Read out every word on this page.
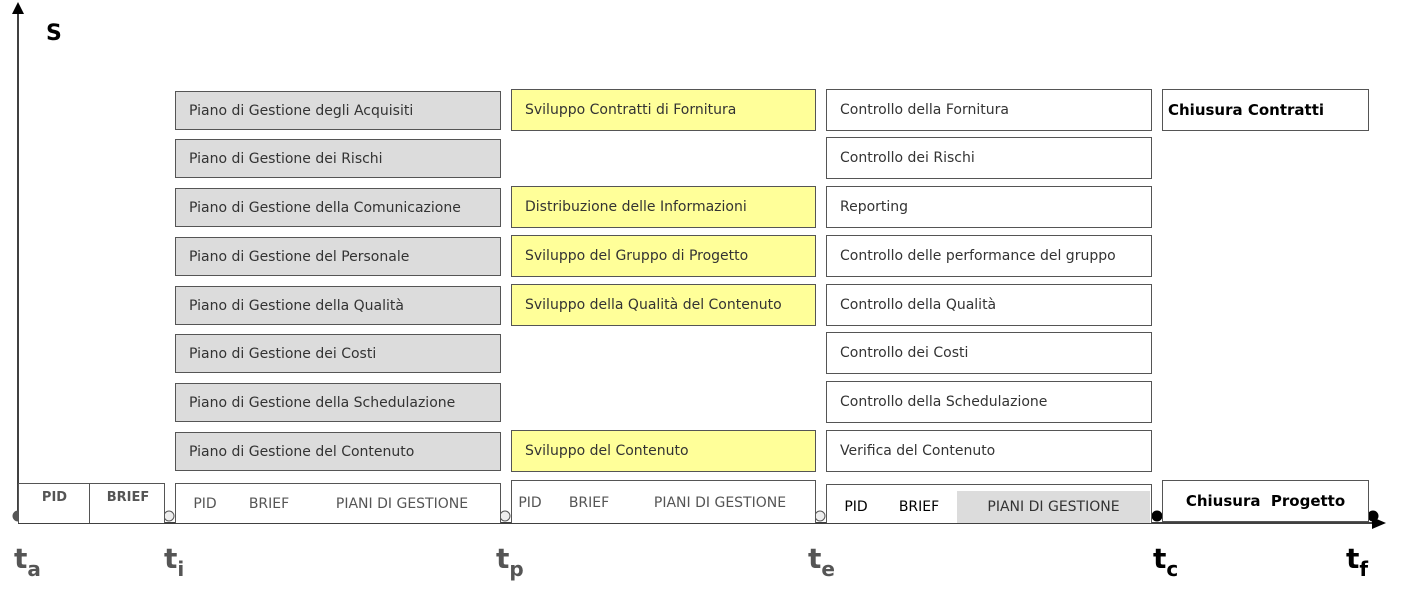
S
Piano di Gestione degli Acquisiti
Piano di Gestione dei Rischi
Piano di Gestione della Comunicazione
Piano di Gestione del Personale
Piano di Gestione della Qualità
Piano di Gestione dei Costi
Piano di Gestione della Schedulazione
Piano di Gestione del Contenuto
Sviluppo Contratti di Fornitura
Distribuzione delle Informazioni
Sviluppo del Gruppo di Progetto
Sviluppo della Qualità del Contenuto
Sviluppo del Contenuto
Controllo della Fornitura
Controllo dei Rischi
Reporting
Controllo delle performance del gruppo
Controllo della Qualità
Controllo dei Costi
Controllo della Schedulazione
Verifica del Contenuto
Chiusura Contratti
Chiusura  Progetto
PID	BRIEF	PID	BRIEF	PIANI DI GESTIONE	PID	BRIEF	PIANI DI GESTIONE	PID	BRIEF	PIANI DI GESTIONE
ta	ti	tp	te	tc	tf
